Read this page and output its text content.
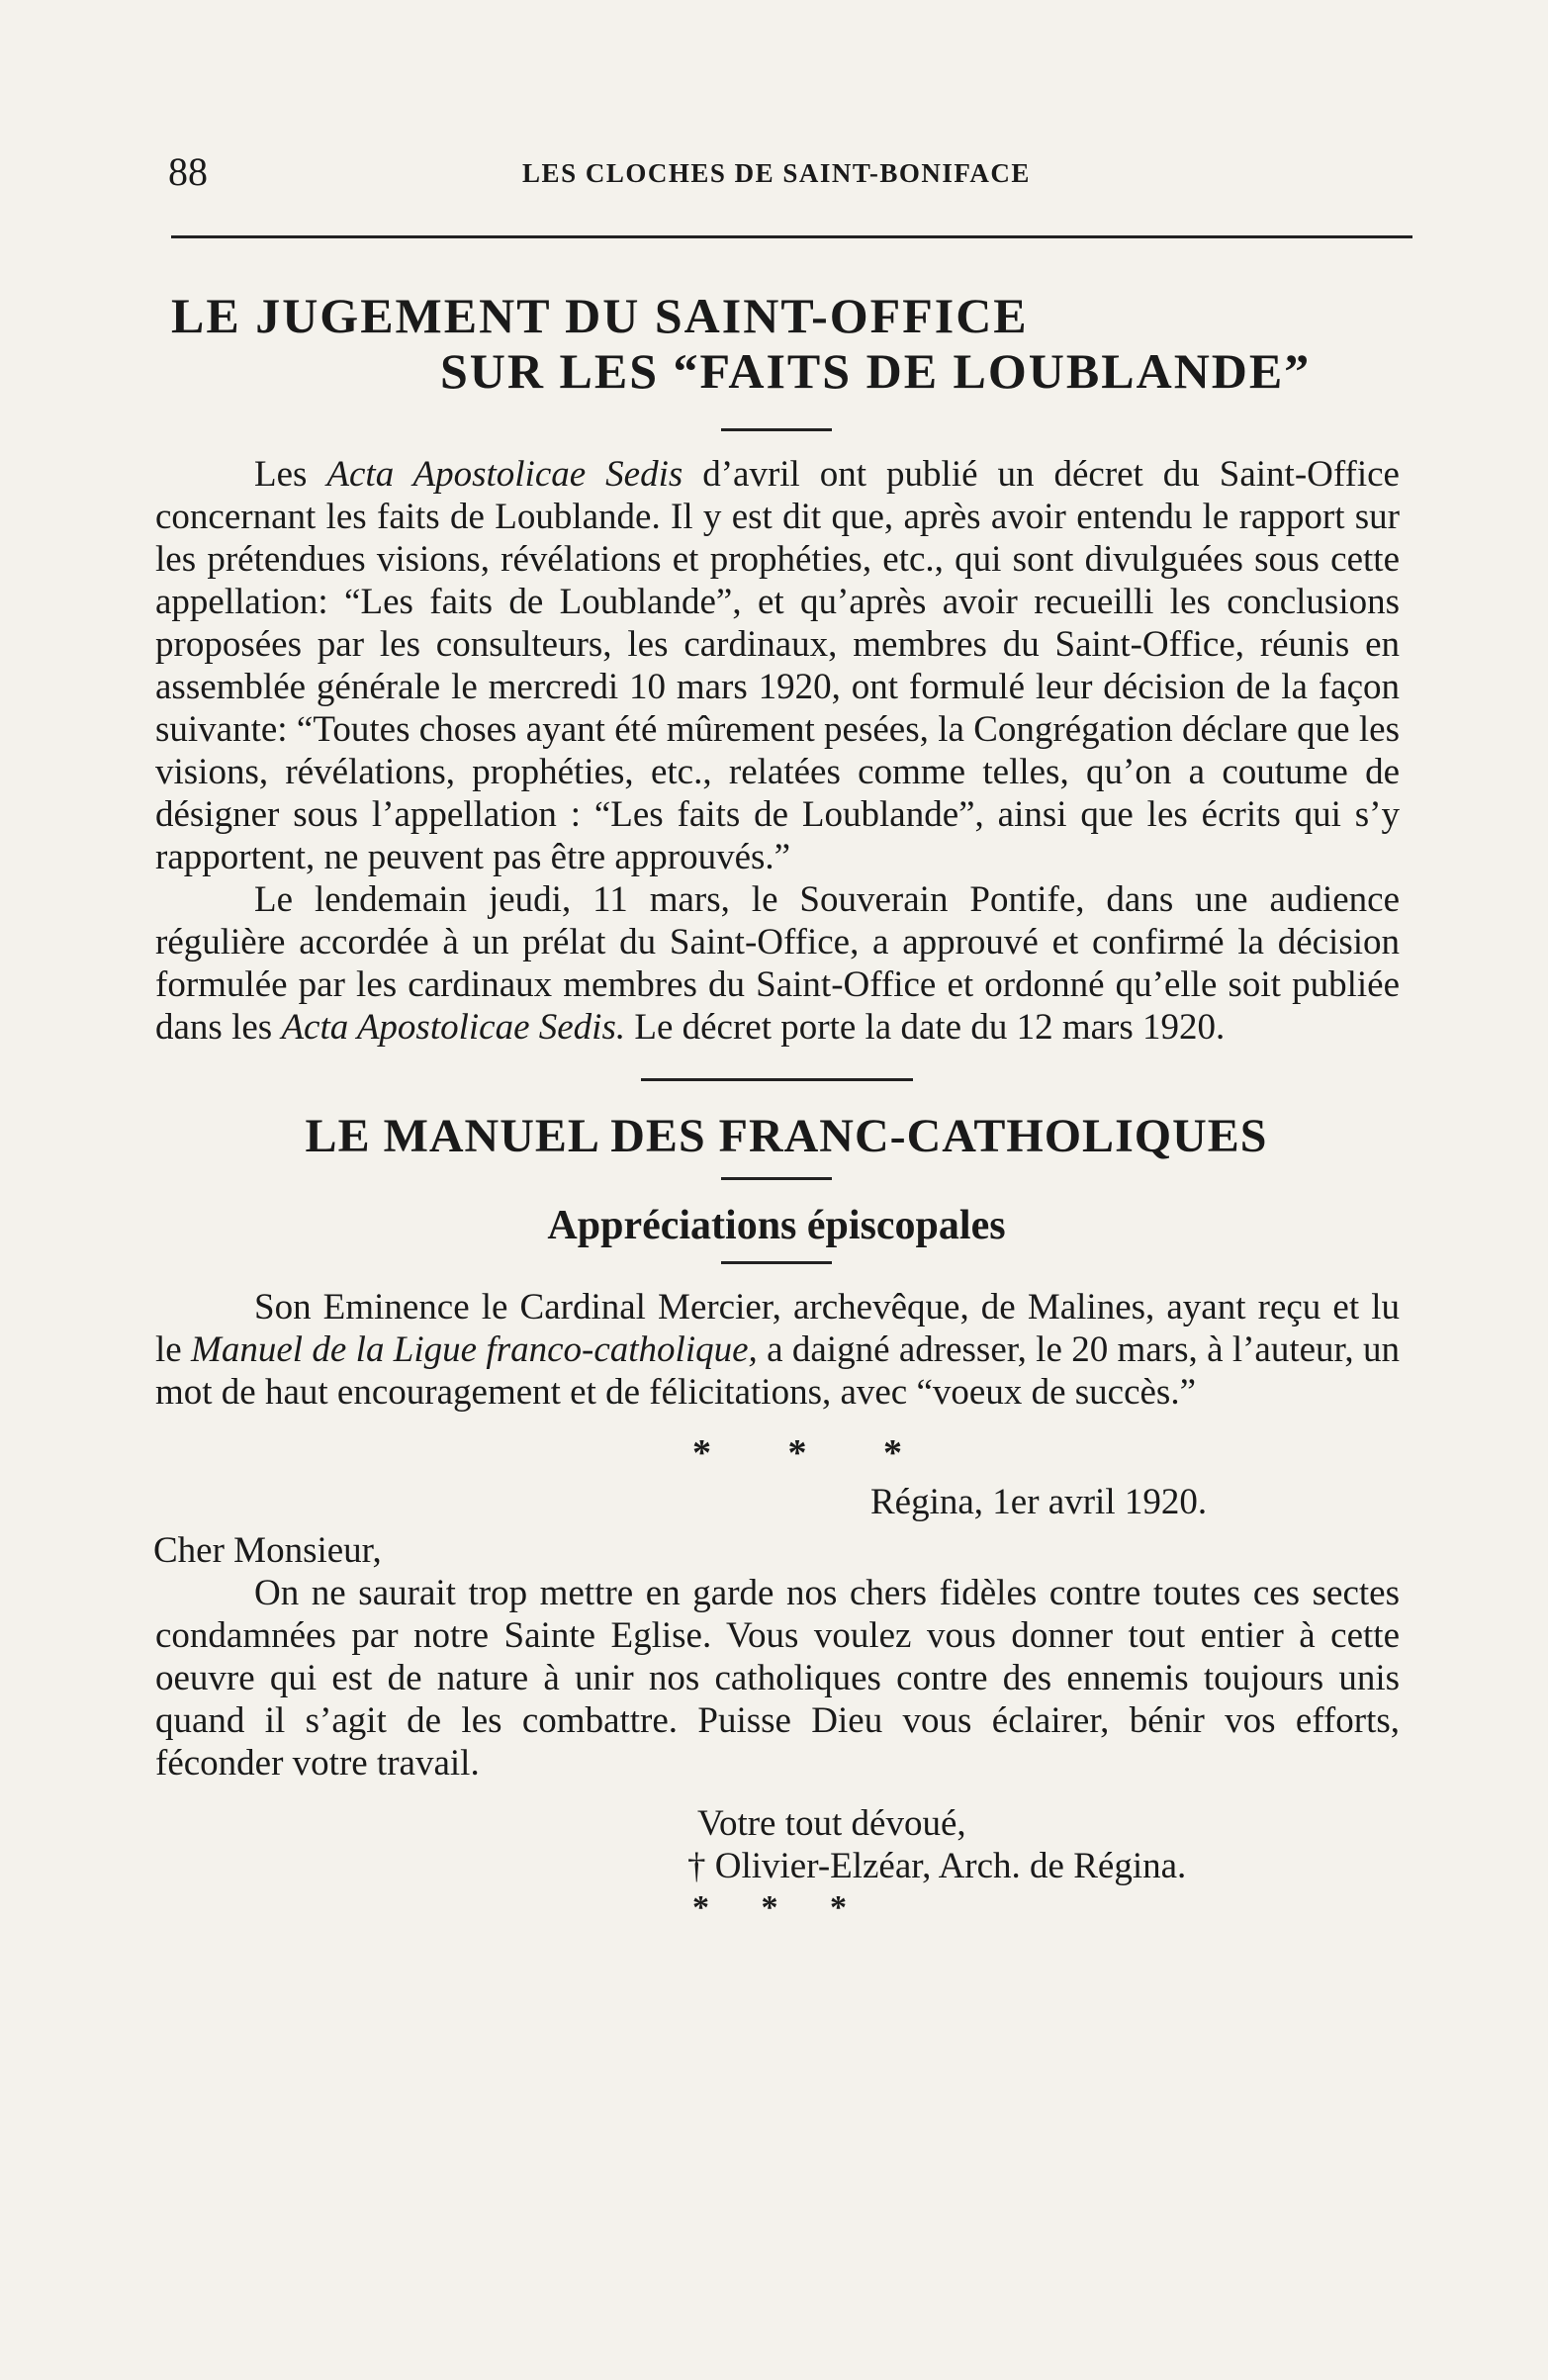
88	LES CLOCHES DE SAINT-BONIFACE
LE JUGEMENT DU SAINT-OFFICE
SUR LES “FAITS DE LOUBLANDE”

Les Acta Apostolicae Sedis d’avril ont publié un décret du Saint-Office concernant les faits de Loublande. Il y est dit que, après avoir entendu le rapport sur les prétendues visions, révélations et prophéties, etc., qui sont divulguées sous cette appellation: “Les faits de Loublande”, et qu’après avoir recueilli les conclusions proposées par les consulteurs, les cardinaux, membres du Saint-Office, réunis en assemblée générale le mercredi 10 mars 1920, ont formulé leur décision de la façon suivante: “Toutes choses ayant été mûrement pesées, la Congrégation déclare que les visions, révélations, prophéties, etc., relatées comme telles, qu’on a coutume de désigner sous l’appellation : “Les faits de Loublande”, ainsi que les écrits qui s’y rapportent, ne peuvent pas être approuvés.”

Le lendemain jeudi, 11 mars, le Souverain Pontife, dans une audience régulière accordée à un prélat du Saint-Office, a approuvé et confirmé la décision formulée par les cardinaux membres du Saint-Office et ordonné qu’elle soit publiée dans les Acta Apostolicae Sedis. Le décret porte la date du 12 mars 1920.

LE MANUEL DES FRANC-CATHOLIQUES
Appréciations épiscopales

Son Eminence le Cardinal Mercier, archevêque, de Malines, ayant reçu et lu le Manuel de la Ligue franco-catholique, a daigné adresser, le 20 mars, à l’auteur, un mot de haut encouragement et de félicitations, avec “voeux de succès.”

* * *
Régina, 1er avril 1920.
Cher Monsieur,

On ne saurait trop mettre en garde nos chers fidèles contre toutes ces sectes condamnées par notre Sainte Eglise. Vous voulez vous donner tout entier à cette oeuvre qui est de nature à unir nos catholiques contre des ennemis toujours unis quand il s’agit de les combattre. Puisse Dieu vous éclairer, bénir vos efforts, féconder votre travail.

Votre tout dévoué,
† Olivier-Elzéar, Arch. de Régina.
* * *
